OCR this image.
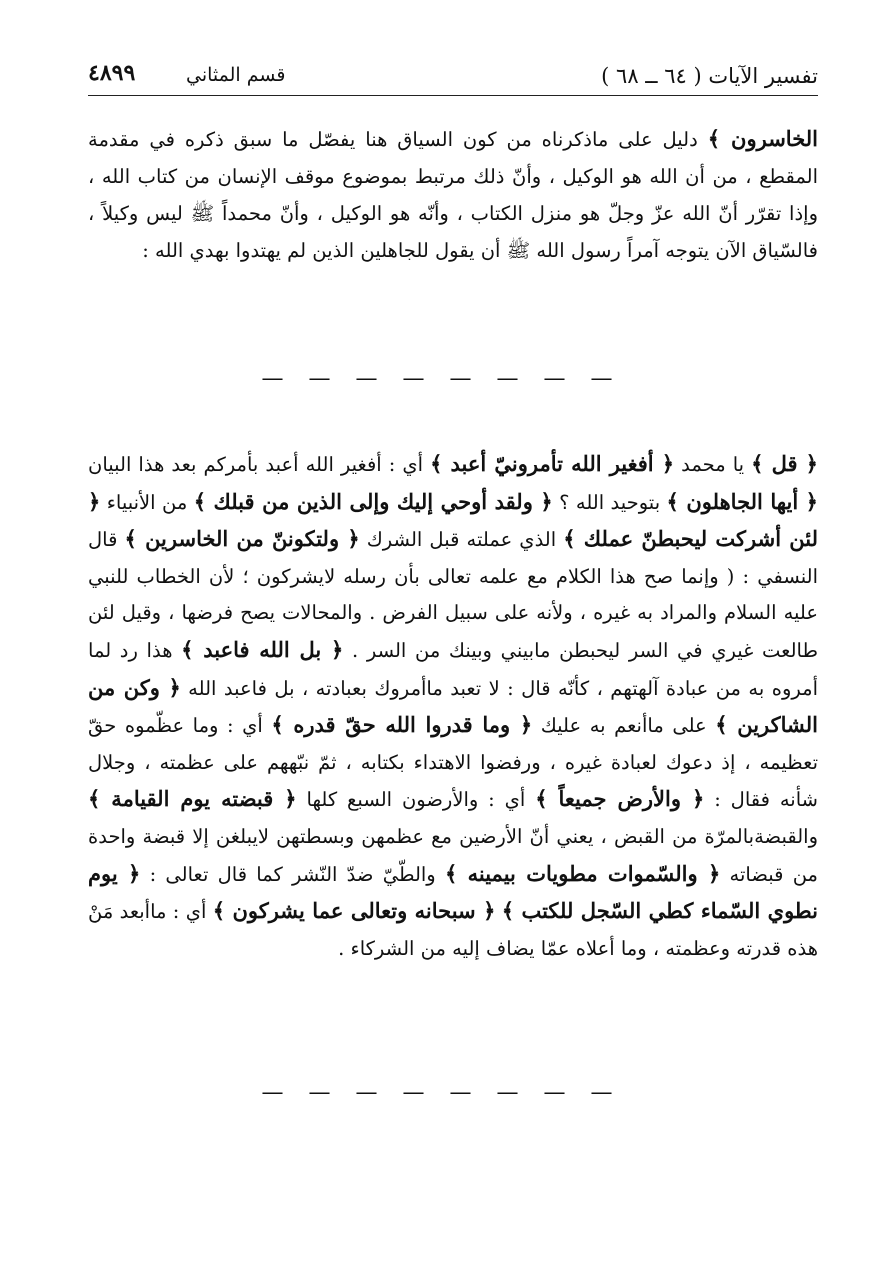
تفسير الآيات ( ٦٤ ــ ٦٨ )
قسم المثاني
٤٨٩٩

الخاسرون ﴾ دليل على ماذكرناه من كون السياق هنا يفصّل ما سبق ذكره في مقدمة المقطع ، من أن الله هو الوكيل ، وأنّ ذلك مرتبط بموضوع موقف الإنسان من كتاب الله ، وإذا تقرّر أنّ الله عزّ وجلّ هو منزل الكتاب ، وأنّه هو الوكيل ، وأنّ محمداً ﷺ ليس وكيلاً ، فالسّياق الآن يتوجه آمراً رسول الله ﷺ أن يقول للجاهلين الذين لم يهتدوا بهدي الله :

— — — — — — — —

﴿ قل ﴾ يا محمد ﴿ أفغير الله تأمرونيّ أعبد ﴾ أي : أفغير الله أعبد بأمركم بعد هذا البيان ﴿ أيها الجاهلون ﴾ بتوحيد الله ؟ ﴿ ولقد أوحي إليك وإلى الذين من قبلك ﴾ من الأنبياء ﴿ لئن أشركت ليحبطنّ عملك ﴾ الذي عملته قبل الشرك ﴿ ولتكوننّ من الخاسرين ﴾ قال النسفي : ( وإنما صح هذا الكلام مع علمه تعالى بأن رسله لايشركون ؛ لأن الخطاب للنبي عليه السلام والمراد به غيره ، ولأنه على سبيل الفرض . والمحالات يصح فرضها ، وقيل لئن طالعت غيري في السر ليحبطن مابيني وبينك من السر . ﴿ بل الله فاعبد ﴾ هذا رد لما أمروه به من عبادة آلهتهم ، كأنّه قال : لا تعبد ماأمروك بعبادته ، بل فاعبد الله ﴿ وكن من الشاكرين ﴾ على ماأنعم به عليك ﴿ وما قدروا الله حقّ قدره ﴾ أي : وما عظّموه حقّ تعظيمه ، إذ دعوك لعبادة غيره ، ورفضوا الاهتداء بكتابه ، ثمّ نبّههم على عظمته ، وجلال شأنه فقال : ﴿ والأرض جميعاً ﴾ أي : والأرضون السبع كلها ﴿ قبضته يوم القيامة ﴾ والقبضةبالمرّة من القبض ، يعني أنّ الأرضين مع عظمهن وبسطتهن لايبلغن إلا قبضة واحدة من قبضاته ﴿ والسّموات مطويات بيمينه ﴾ والطّيّ ضدّ النّشر كما قال تعالى : ﴿ يوم نطوي السّماء كطي السّجل للكتب ﴾ ﴿ سبحانه وتعالى عما يشركون ﴾ أي : ماأبعد مَنْ هذه قدرته وعظمته ، وما أعلاه عمّا يضاف إليه من الشركاء .

— — — — — — — —
